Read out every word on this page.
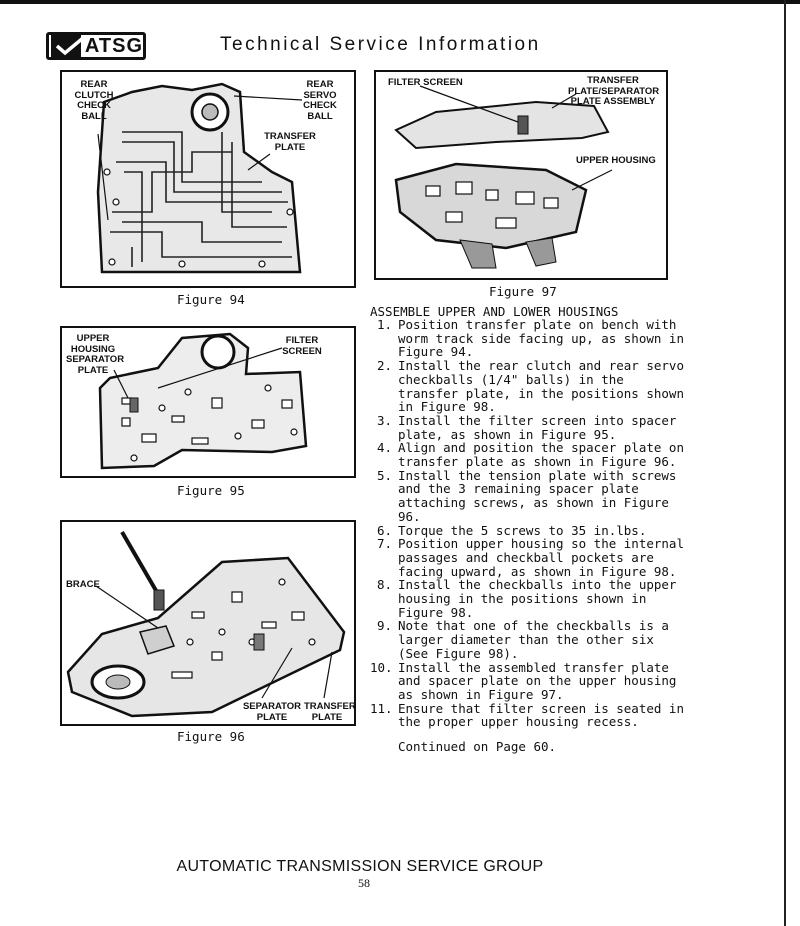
ATSG	Technical Service Information
REAR CLUTCH CHECK BALL
REAR SERVO CHECK BALL
TRANSFER PLATE
Figure 94
UPPER HOUSING SEPARATOR PLATE
FILTER SCREEN
Figure 95
BRACE
SEPARATOR PLATE
TRANSFER PLATE
Figure 96
FILTER SCREEN	TRANSFER PLATE/SEPARATOR PLATE ASSEMBLY
UPPER HOUSING
Figure 97
ASSEMBLE UPPER AND LOWER HOUSINGS
1. Position transfer plate on bench with worm track side facing up, as shown in Figure 94.
2. Install the rear clutch and rear servo checkballs (1/4" balls) in the transfer plate, in the positions shown in Figure 98.
3. Install the filter screen into spacer plate, as shown in Figure 95.
4. Align and position the spacer plate on transfer plate as shown in Figure 96.
5. Install the tension plate with screws and the 3 remaining spacer plate attaching screws, as shown in Figure 96.
6. Torque the 5 screws to 35 in.lbs.
7. Position upper housing so the internal passages and checkball pockets are facing upward, as shown in Figure 98.
8. Install the checkballs into the upper housing in the positions shown in Figure 98.
9. Note that one of the checkballs is a larger diameter than the other six (See Figure 98).
10. Install the assembled transfer plate and spacer plate on the upper housing as shown in Figure 97.
11. Ensure that filter screen is seated in the proper upper housing recess.
Continued on Page 60.
AUTOMATIC TRANSMISSION SERVICE GROUP
58
